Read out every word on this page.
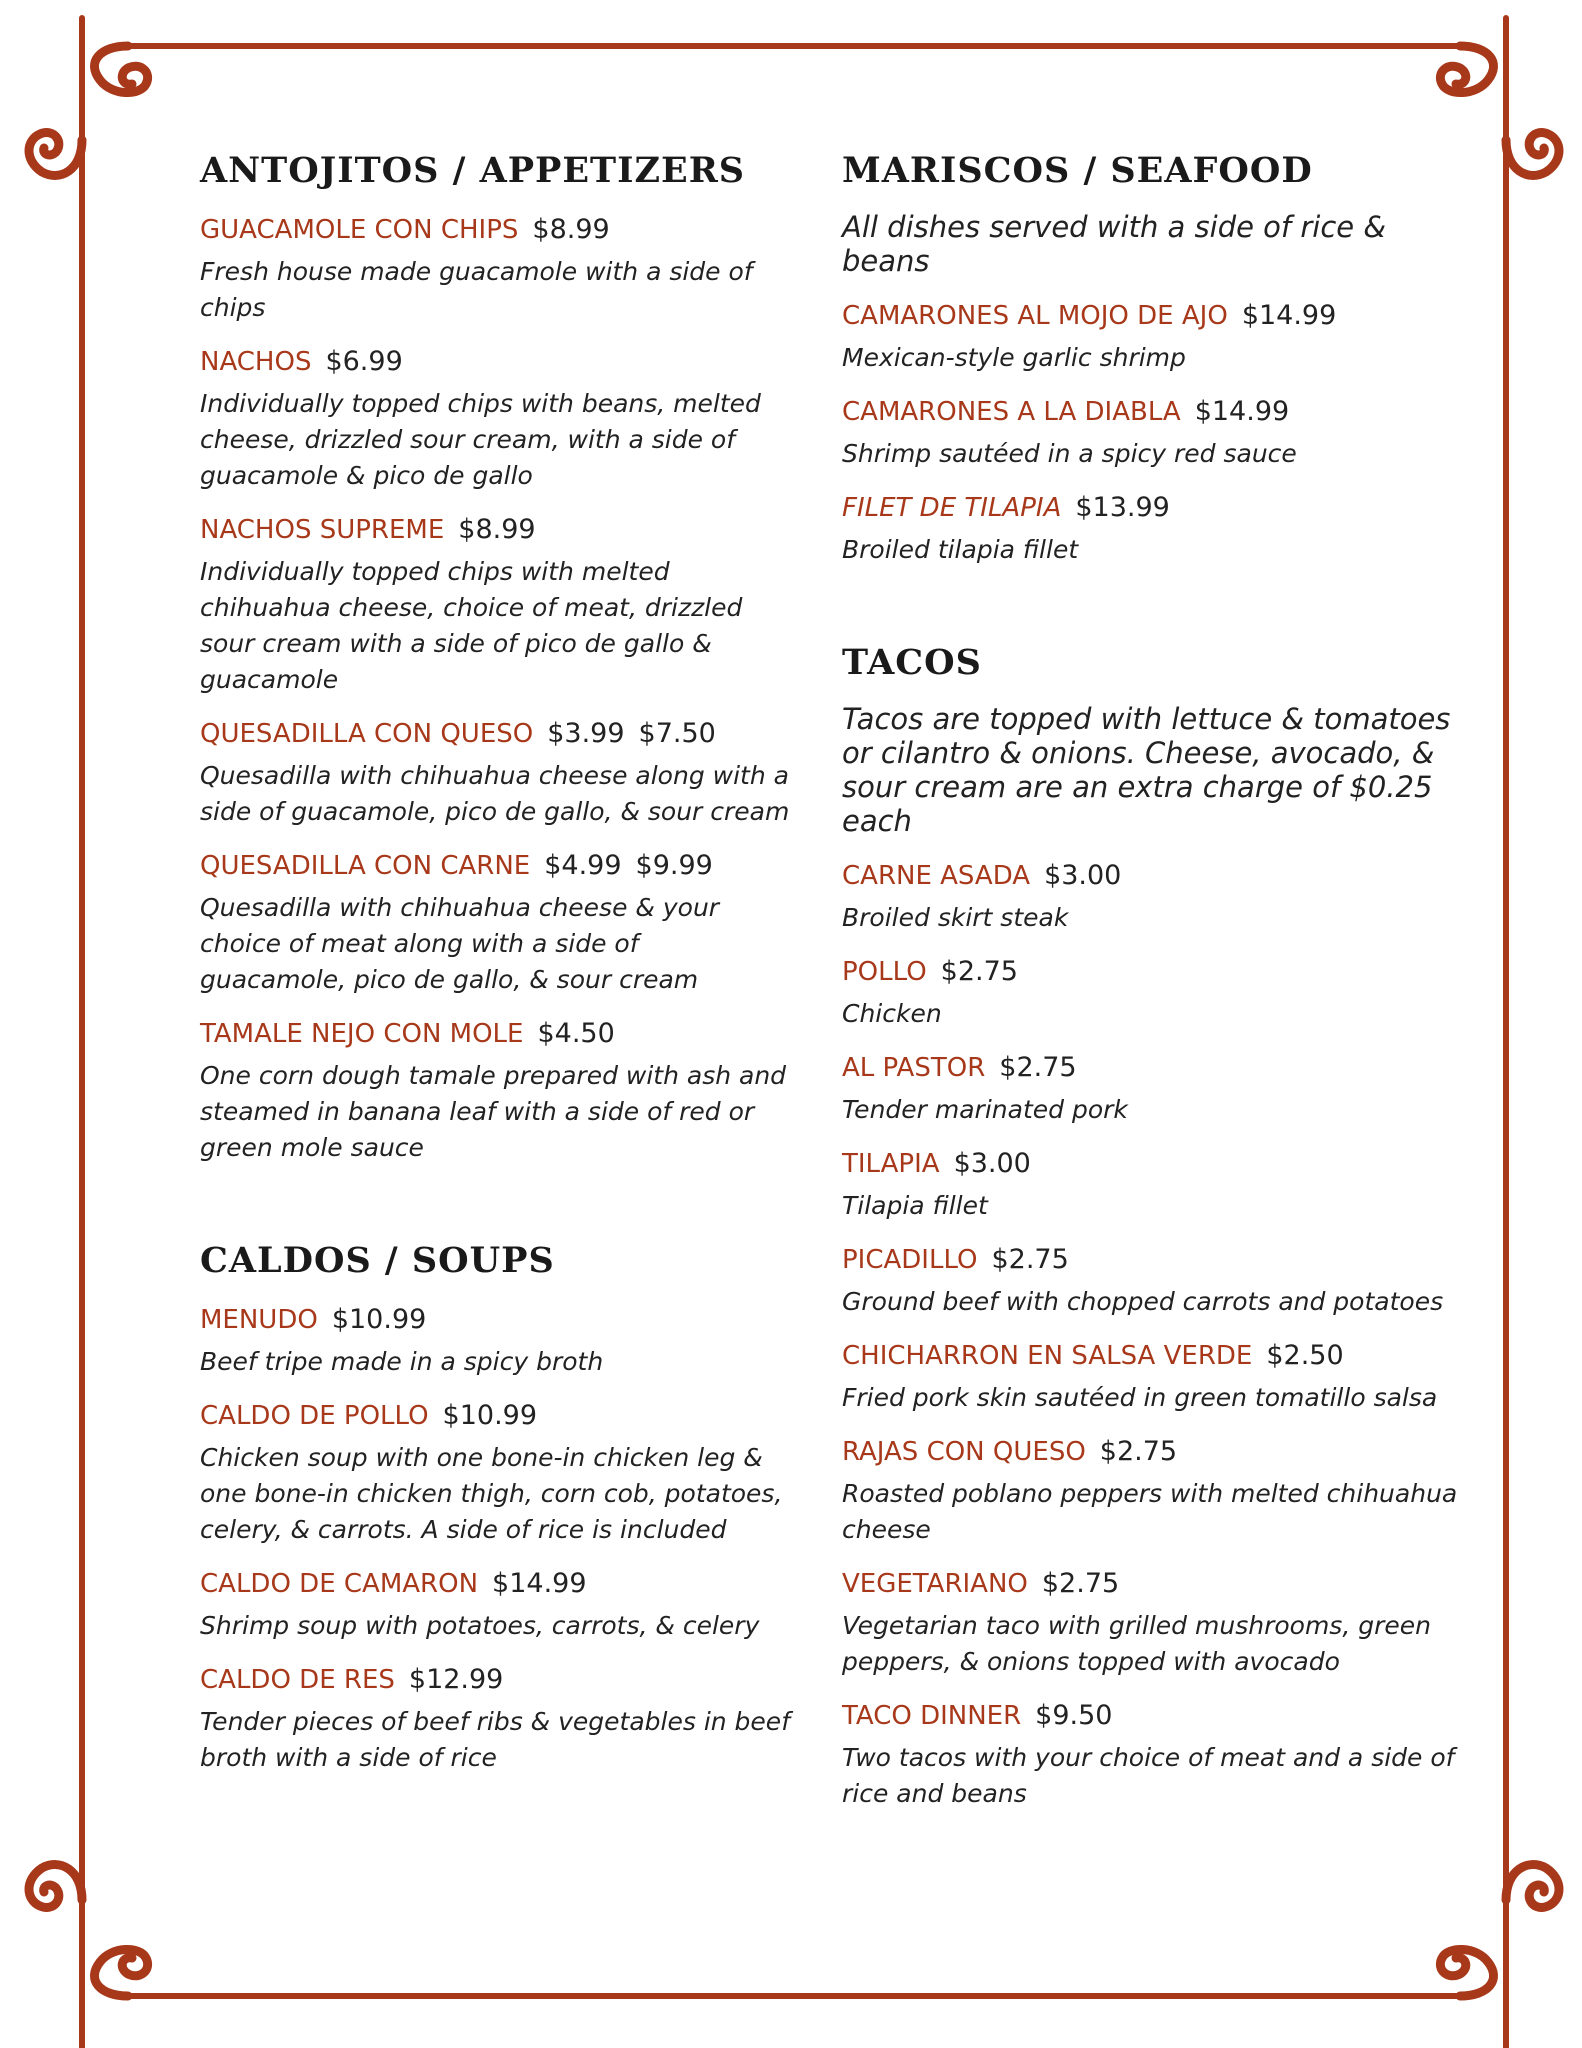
ANTOJITOS / APPETIZERS
GUACAMOLE CON CHIPS $8.99
Fresh house made guacamole with a side of chips
NACHOS $6.99
Individually topped chips with beans, melted cheese, drizzled sour cream, with a side of guacamole & pico de gallo
NACHOS SUPREME $8.99
Individually topped chips with melted chihuahua cheese, choice of meat, drizzled sour cream with a side of pico de gallo & guacamole
QUESADILLA CON QUESO $3.99 $7.50
Quesadilla with chihuahua cheese along with a side of guacamole, pico de gallo, & sour cream
QUESADILLA CON CARNE $4.99 $9.99
Quesadilla with chihuahua cheese & your choice of meat along with a side of guacamole, pico de gallo, & sour cream
TAMALE NEJO CON MOLE $4.50
One corn dough tamale prepared with ash and steamed in banana leaf with a side of red or green mole sauce
CALDOS / SOUPS
MENUDO $10.99
Beef tripe made in a spicy broth
CALDO DE POLLO $10.99
Chicken soup with one bone-in chicken leg & one bone-in chicken thigh, corn cob, potatoes, celery, & carrots. A side of rice is included
CALDO DE CAMARON $14.99
Shrimp soup with potatoes, carrots, & celery
CALDO DE RES $12.99
Tender pieces of beef ribs & vegetables in beef broth with a side of rice
MARISCOS / SEAFOOD
All dishes served with a side of rice & beans
CAMARONES AL MOJO DE AJO $14.99
Mexican-style garlic shrimp
CAMARONES A LA DIABLA $14.99
Shrimp sautéed in a spicy red sauce
FILET DE TILAPIA $13.99
Broiled tilapia fillet
TACOS
Tacos are topped with lettuce & tomatoes or cilantro & onions. Cheese, avocado, & sour cream are an extra charge of $0.25 each
CARNE ASADA $3.00
Broiled skirt steak
POLLO $2.75
Chicken
AL PASTOR $2.75
Tender marinated pork
TILAPIA $3.00
Tilapia fillet
PICADILLO $2.75
Ground beef with chopped carrots and potatoes
CHICHARRON EN SALSA VERDE $2.50
Fried pork skin sautéed in green tomatillo salsa
RAJAS CON QUESO $2.75
Roasted poblano peppers with melted chihuahua cheese
VEGETARIANO $2.75
Vegetarian taco with grilled mushrooms, green peppers, & onions topped with avocado
TACO DINNER $9.50
Two tacos with your choice of meat and a side of rice and beans
